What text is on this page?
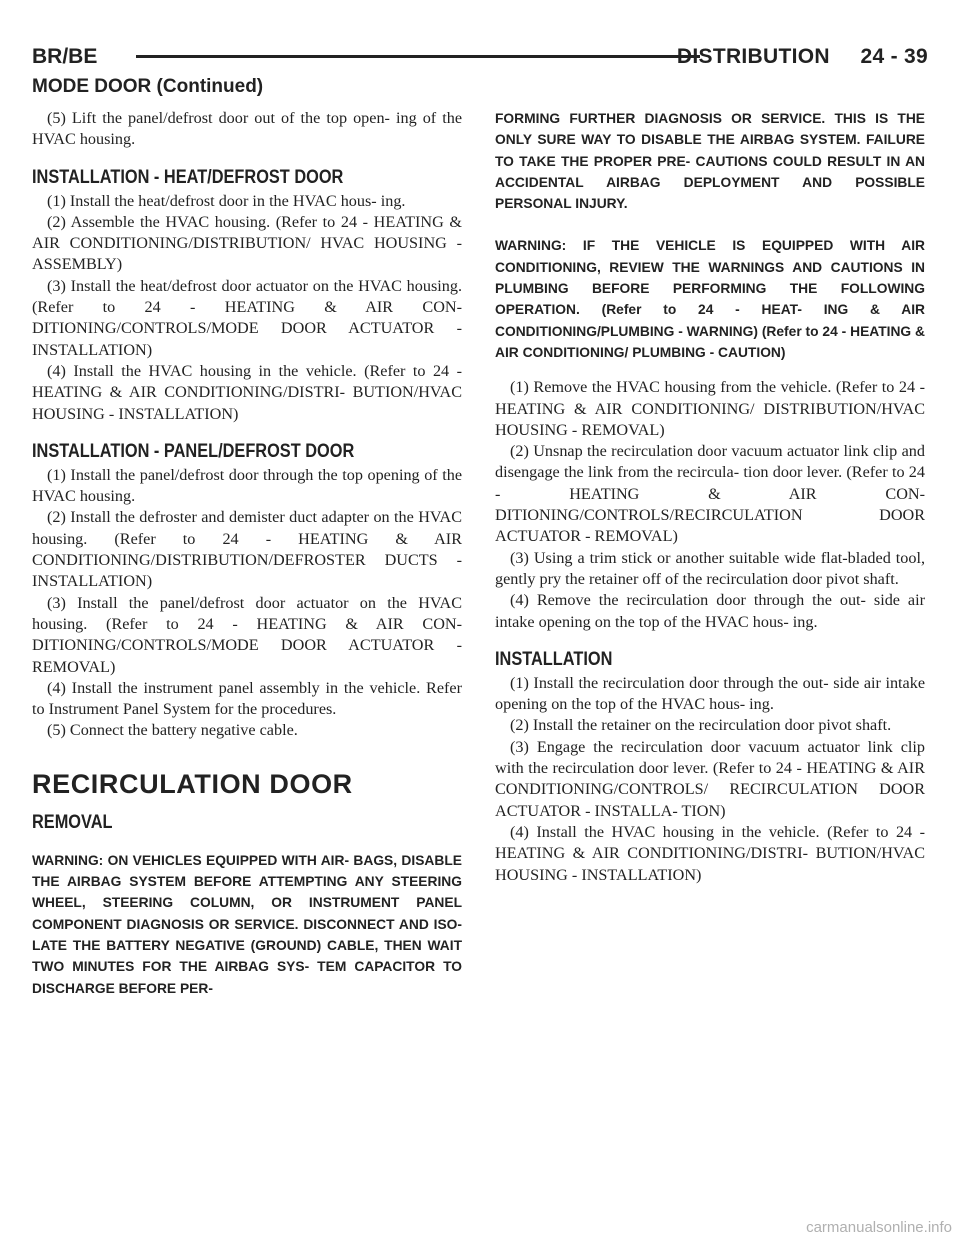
BR/BE	DISTRIBUTION     24 - 39
MODE DOOR (Continued)

(5) Lift the panel/defrost door out of the top open- ing of the HVAC housing.

INSTALLATION - HEAT/DEFROST DOOR

(1) Install the heat/defrost door in the HVAC hous- ing.

(2) Assemble the HVAC housing. (Refer to 24 - HEATING & AIR CONDITIONING/DISTRIBUTION/ HVAC HOUSING - ASSEMBLY)

(3) Install the heat/defrost door actuator on the HVAC housing. (Refer to 24 - HEATING & AIR CON- DITIONING/CONTROLS/MODE DOOR ACTUATOR - INSTALLATION)

(4) Install the HVAC housing in the vehicle. (Refer to 24 - HEATING & AIR CONDITIONING/DISTRI- BUTION/HVAC HOUSING - INSTALLATION)

INSTALLATION - PANEL/DEFROST DOOR

(1) Install the panel/defrost door through the top opening of the HVAC housing.

(2) Install the defroster and demister duct adapter on the HVAC housing. (Refer to 24 - HEATING & AIR CONDITIONING/DISTRIBUTION/DEFROSTER DUCTS - INSTALLATION)

(3) Install the panel/defrost door actuator on the HVAC housing. (Refer to 24 - HEATING & AIR CON- DITIONING/CONTROLS/MODE DOOR ACTUATOR - REMOVAL)

(4) Install the instrument panel assembly in the vehicle. Refer to Instrument Panel System for the procedures.

(5) Connect the battery negative cable.

RECIRCULATION DOOR

REMOVAL

WARNING: ON VEHICLES EQUIPPED WITH AIR- BAGS, DISABLE THE AIRBAG SYSTEM BEFORE ATTEMPTING ANY STEERING WHEEL, STEERING COLUMN, OR INSTRUMENT PANEL COMPONENT DIAGNOSIS OR SERVICE. DISCONNECT AND ISO- LATE THE BATTERY NEGATIVE (GROUND) CABLE, THEN WAIT TWO MINUTES FOR THE AIRBAG SYS- TEM CAPACITOR TO DISCHARGE BEFORE PER-

FORMING FURTHER DIAGNOSIS OR SERVICE. THIS IS THE ONLY SURE WAY TO DISABLE THE AIRBAG SYSTEM. FAILURE TO TAKE THE PROPER PRE- CAUTIONS COULD RESULT IN AN ACCIDENTAL AIRBAG DEPLOYMENT AND POSSIBLE PERSONAL INJURY.

WARNING: IF THE VEHICLE IS EQUIPPED WITH AIR CONDITIONING, REVIEW THE WARNINGS AND CAUTIONS IN PLUMBING BEFORE PERFORMING THE FOLLOWING OPERATION. (Refer to 24 - HEAT- ING & AIR CONDITIONING/PLUMBING - WARNING) (Refer to 24 - HEATING & AIR CONDITIONING/ PLUMBING - CAUTION)

(1) Remove the HVAC housing from the vehicle. (Refer to 24 - HEATING & AIR CONDITIONING/ DISTRIBUTION/HVAC HOUSING - REMOVAL)

(2) Unsnap the recirculation door vacuum actuator link clip and disengage the link from the recircula- tion door lever. (Refer to 24 - HEATING & AIR CON- DITIONING/CONTROLS/RECIRCULATION DOOR ACTUATOR - REMOVAL)

(3) Using a trim stick or another suitable wide flat-bladed tool, gently pry the retainer off of the recirculation door pivot shaft.

(4) Remove the recirculation door through the out- side air intake opening on the top of the HVAC hous- ing.

INSTALLATION

(1) Install the recirculation door through the out- side air intake opening on the top of the HVAC hous- ing.

(2) Install the retainer on the recirculation door pivot shaft.

(3) Engage the recirculation door vacuum actuator link clip with the recirculation door lever. (Refer to 24 - HEATING & AIR CONDITIONING/CONTROLS/ RECIRCULATION DOOR ACTUATOR - INSTALLA- TION)

(4) Install the HVAC housing in the vehicle. (Refer to 24 - HEATING & AIR CONDITIONING/DISTRI- BUTION/HVAC HOUSING - INSTALLATION)

carmanualsonline.info
